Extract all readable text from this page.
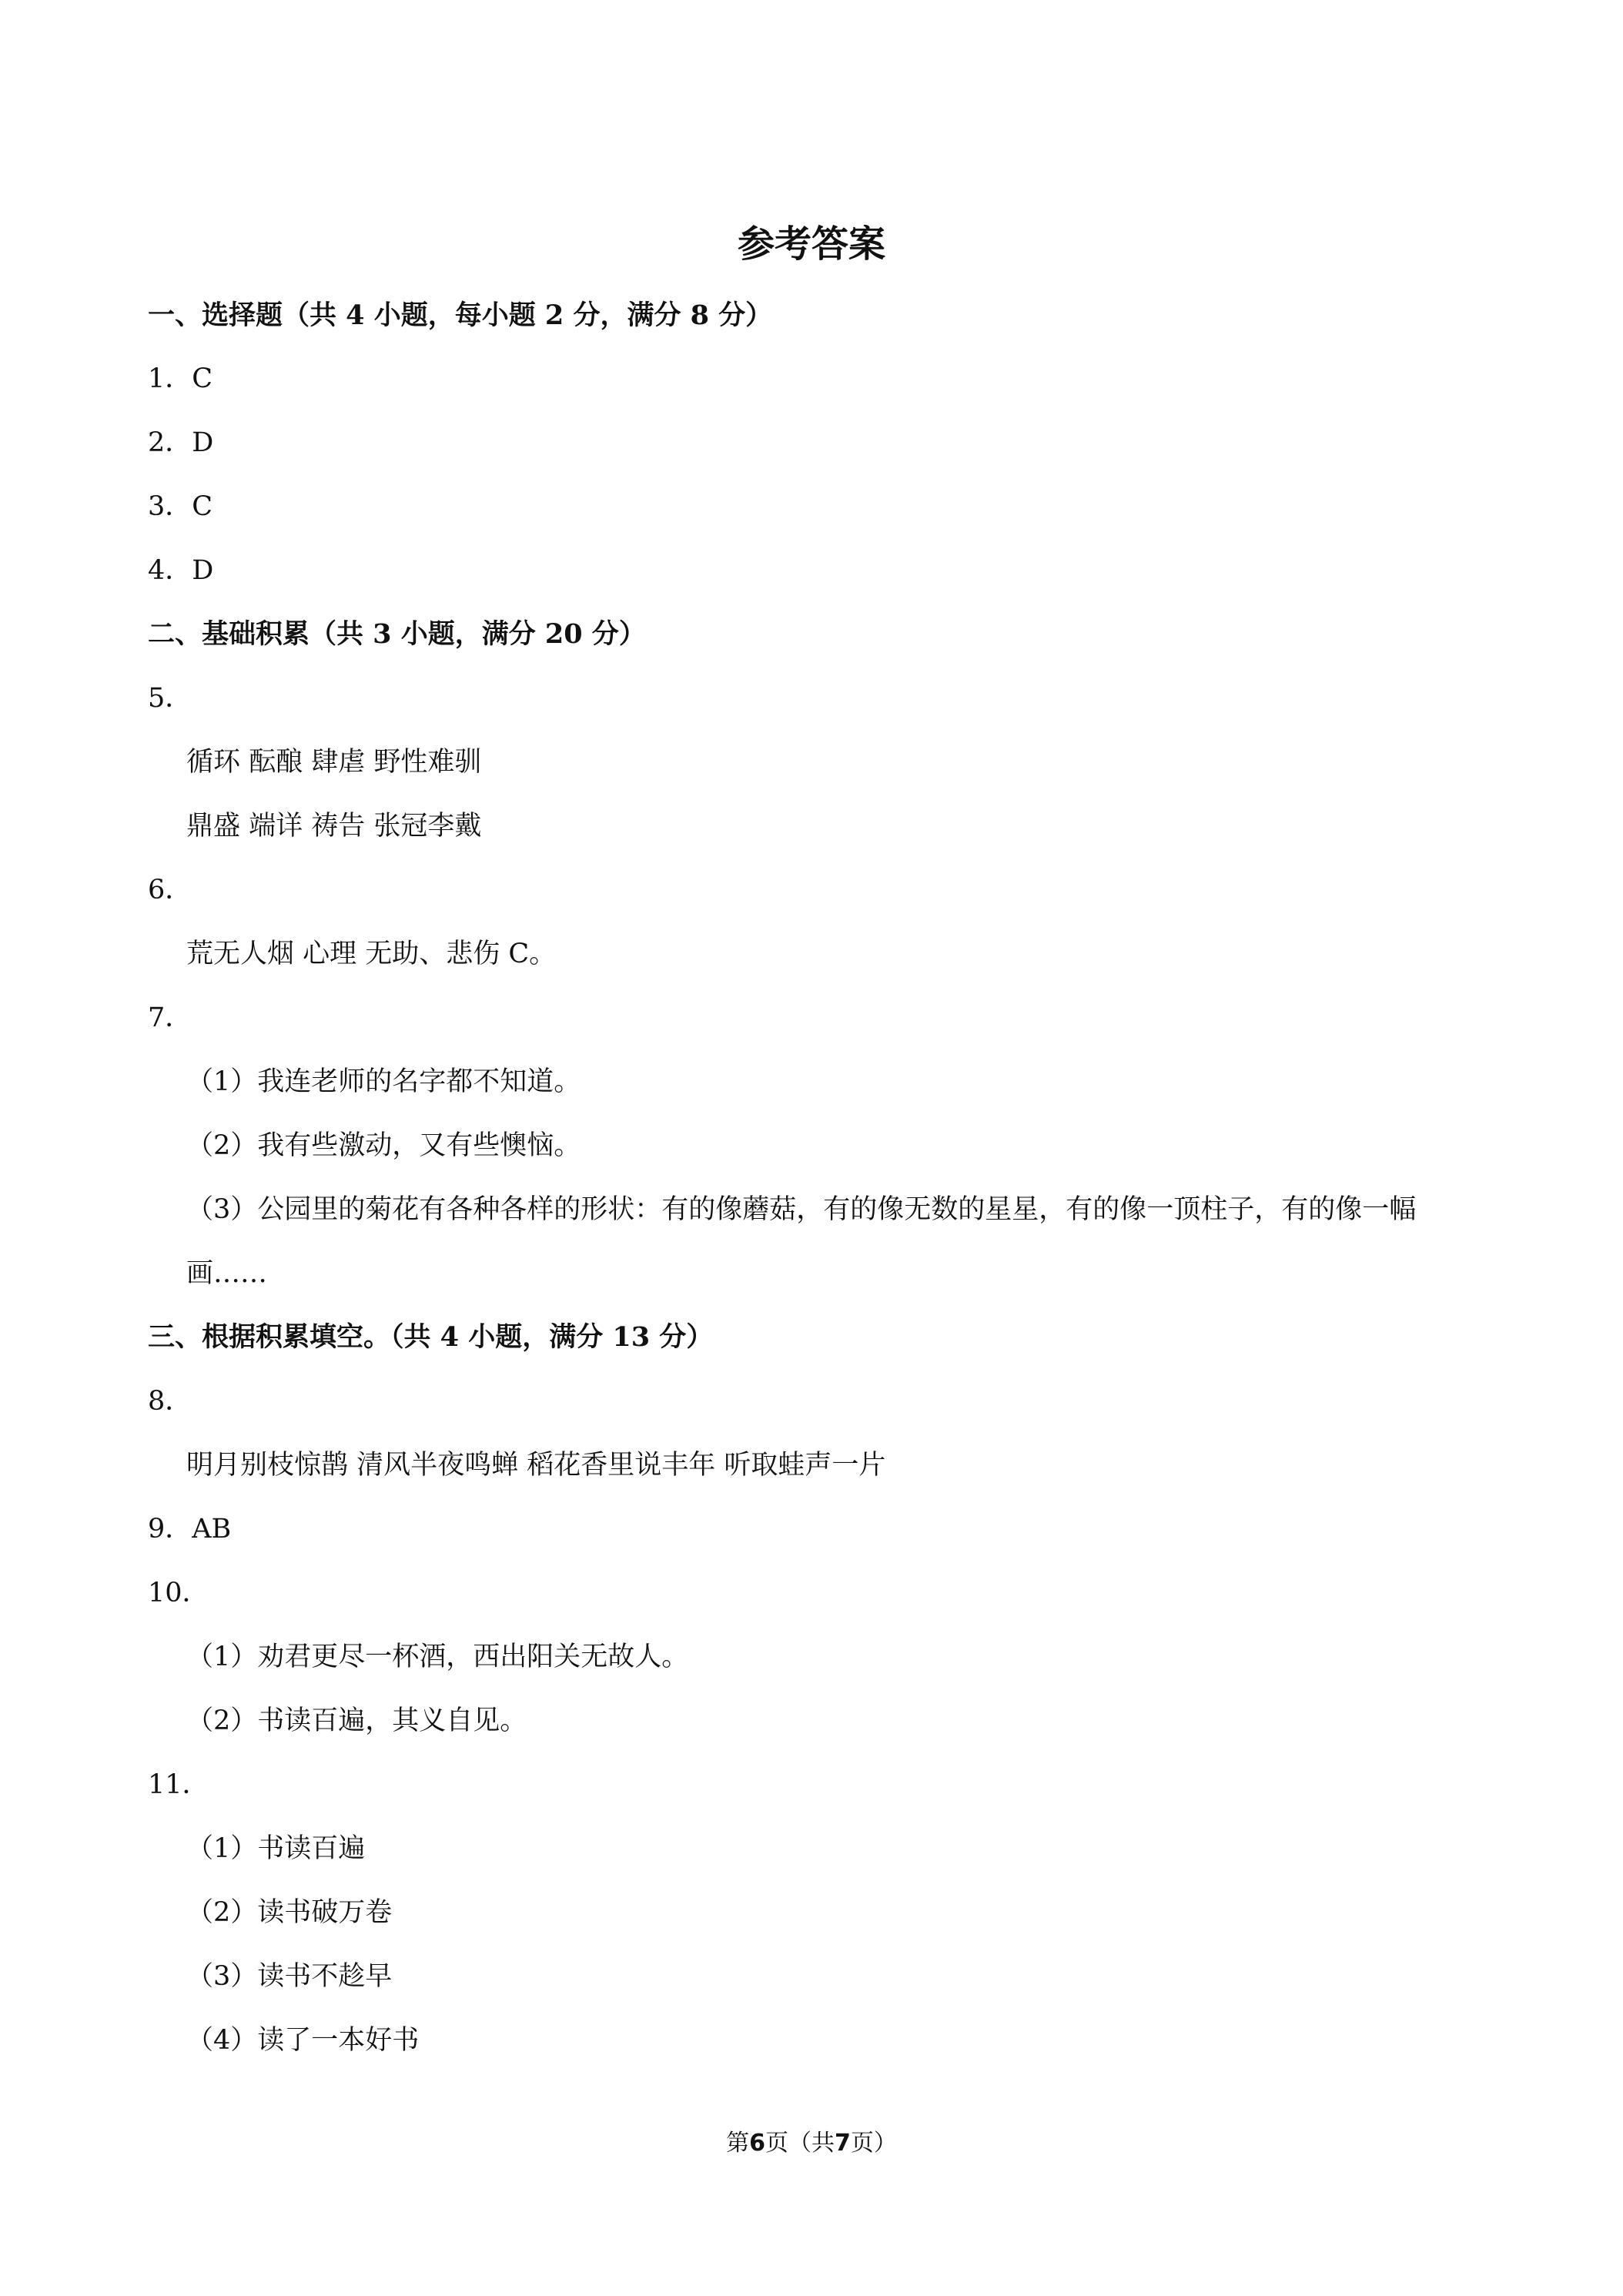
参考答案
一、选择题（共 4 小题，每小题 2 分，满分 8 分）
1．C
2．D
3．C
4．D
二、基础积累（共 3 小题，满分 20 分）
5．
循环 酝酿 肆虐 野性难驯
鼎盛 端详 祷告 张冠李戴
6．
荒无人烟 心理 无助、悲伤 C。
7．
（1）我连老师的名字都不知道。
（2）我有些激动，又有些懊恼。
（3）公园里的菊花有各种各样的形状：有的像蘑菇，有的像无数的星星，有的像一顶柱子，有的像一幅
画……
三、根据积累填空。（共 4 小题，满分 13 分）
8．
明月别枝惊鹊 清风半夜鸣蝉 稻花香里说丰年 听取蛙声一片
9．AB
10．
（1）劝君更尽一杯酒，西出阳关无故人。
（2）书读百遍，其义自见。
11．
（1）书读百遍
（2）读书破万卷
（3）读书不趁早
（4）读了一本好书
第6页（共7页）
